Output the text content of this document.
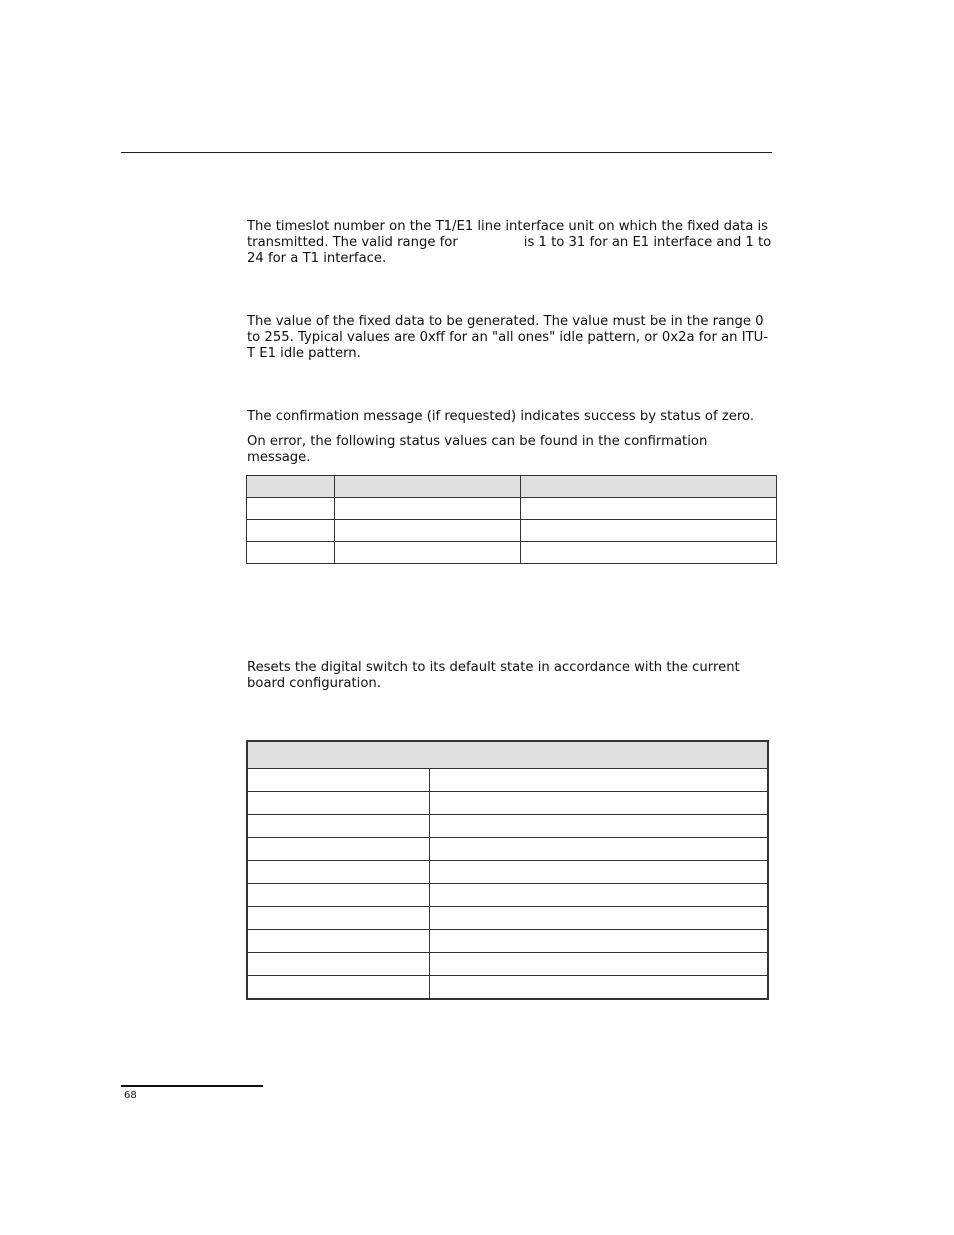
The timeslot number on the T1/E1 line interface unit on which the fixed data is transmitted. The valid range for	is 1 to 31 for an E1 interface and 1 to 24 for a T1 interface.

The value of the fixed data to be generated. The value must be in the range 0 to 255. Typical values are 0xff for an "all ones" idle pattern, or 0x2a for an ITU-T E1 idle pattern.

The confirmation message (if requested) indicates success by status of zero.

On error, the following status values can be found in the confirmation message.

Resets the digital switch to its default state in accordance with the current board configuration.

68
